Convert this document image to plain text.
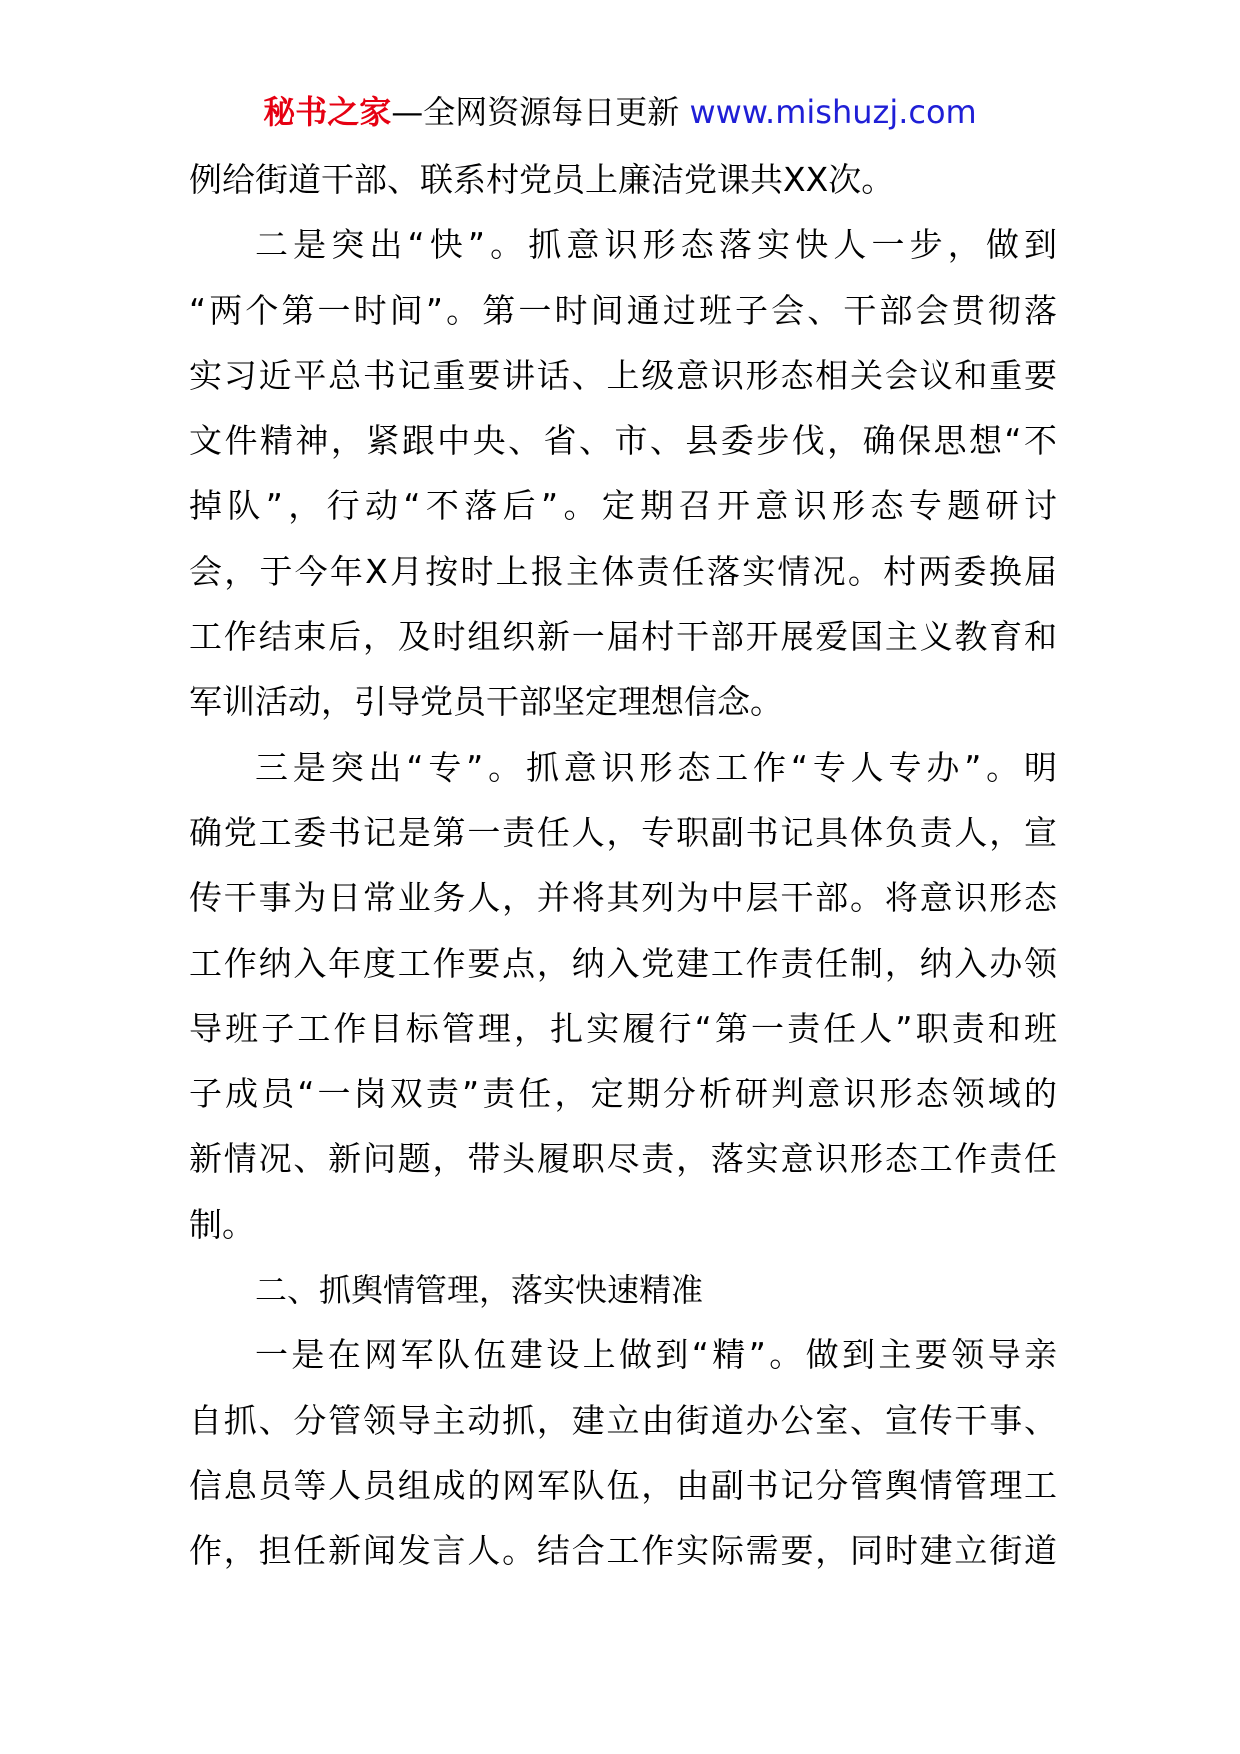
秘书之家—全网资源每日更新 www.mishuzj.com
例给街道干部、联系村党员上廉洁党课共XX次。
二是突出“快”。抓意识形态落实快人一步，做到
“两个第一时间”。第一时间通过班子会、干部会贯彻落
实习近平总书记重要讲话、上级意识形态相关会议和重要
文件精神，紧跟中央、省、市、县委步伐，确保思想“不
掉队”，行动“不落后”。定期召开意识形态专题研讨
会，于今年X月按时上报主体责任落实情况。村两委换届
工作结束后，及时组织新一届村干部开展爱国主义教育和
军训活动，引导党员干部坚定理想信念。
三是突出“专”。抓意识形态工作“专人专办”。明
确党工委书记是第一责任人，专职副书记具体负责人，宣
传干事为日常业务人，并将其列为中层干部。将意识形态
工作纳入年度工作要点，纳入党建工作责任制，纳入办领
导班子工作目标管理，扎实履行“第一责任人”职责和班
子成员“一岗双责”责任，定期分析研判意识形态领域的
新情况、新问题，带头履职尽责，落实意识形态工作责任
制。
二、抓舆情管理，落实快速精准
一是在网军队伍建设上做到“精”。做到主要领导亲
自抓、分管领导主动抓，建立由街道办公室、宣传干事、
信息员等人员组成的网军队伍，由副书记分管舆情管理工
作，担任新闻发言人。结合工作实际需要，同时建立街道
